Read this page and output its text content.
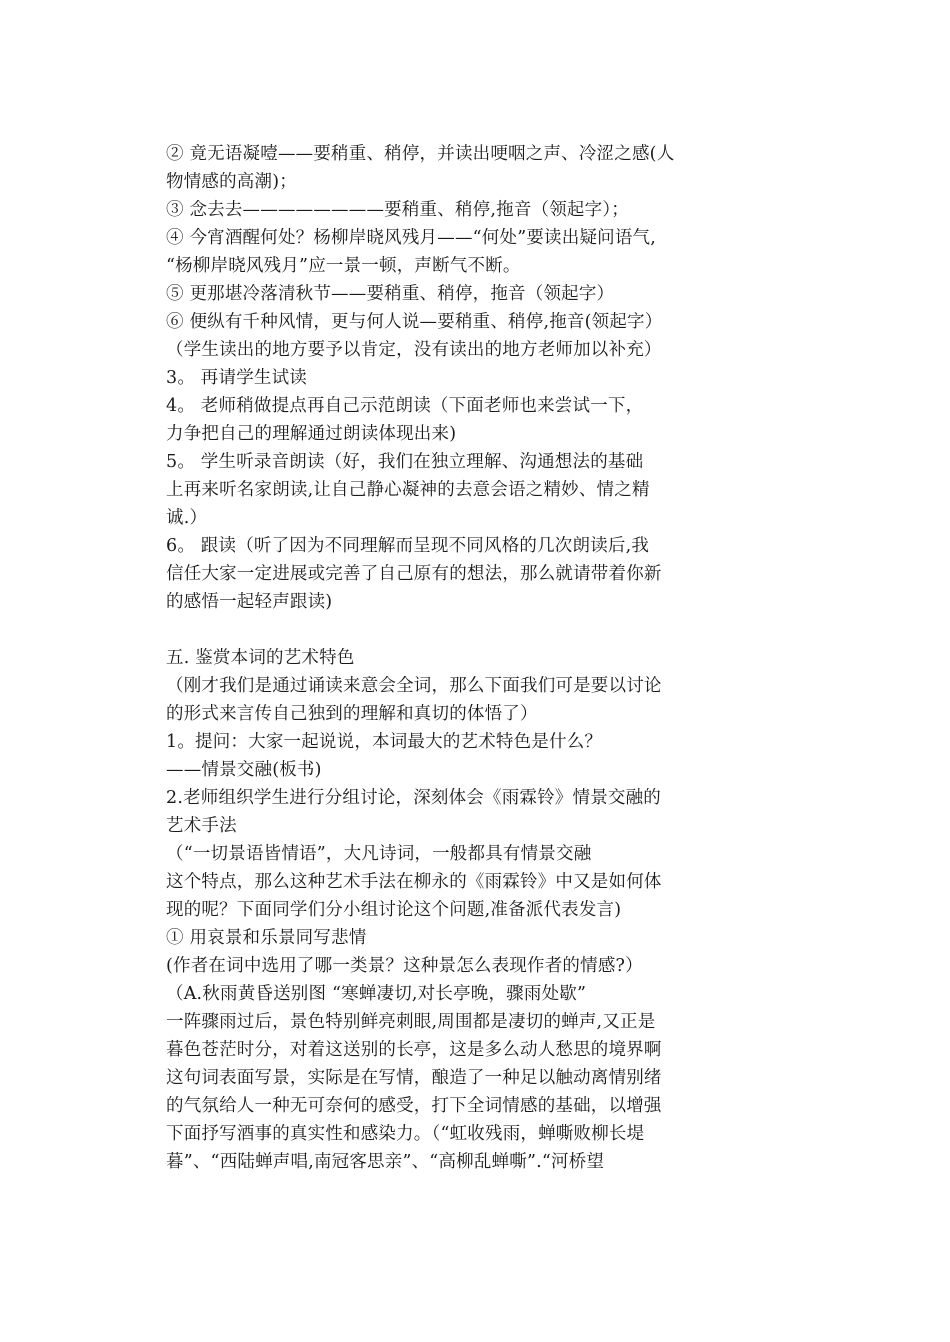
② 竟无语凝噎——要稍重、稍停，并读出哽咽之声、冷涩之感(人
物情感的高潮)；
③ 念去去————————要稍重、稍停,拖音（领起字）；
④ 今宵酒醒何处？杨柳岸晓风残月——“何处”要读出疑问语气,
“杨柳岸晓风残月”应一景一顿，声断气不断。
⑤ 更那堪冷落清秋节——要稍重、稍停，拖音（领起字）
⑥ 便纵有千种风情，更与何人说—要稍重、稍停,拖音(领起字）
（学生读出的地方要予以肯定，没有读出的地方老师加以补充）
3。 再请学生试读
4。 老师稍做提点再自己示范朗读（下面老师也来尝试一下，
力争把自己的理解通过朗读体现出来)
5。 学生听录音朗读（好，我们在独立理解、沟通想法的基础
上再来听名家朗读,让自己静心凝神的去意会语之精妙、情之精
诚.）
6。 跟读（听了因为不同理解而呈现不同风格的几次朗读后,我
信任大家一定进展或完善了自己原有的想法，那么就请带着你新
的感悟一起轻声跟读)
五. 鉴赏本词的艺术特色
（刚才我们是通过诵读来意会全词，那么下面我们可是要以讨论
的形式来言传自己独到的理解和真切的体悟了）
1。提问：大家一起说说，本词最大的艺术特色是什么？
——情景交融(板书)
2.老师组织学生进行分组讨论，深刻体会《雨霖铃》情景交融的
艺术手法
（“一切景语皆情语”，大凡诗词，一般都具有情景交融
这个特点，那么这种艺术手法在柳永的《雨霖铃》中又是如何体
现的呢？下面同学们分小组讨论这个问题,准备派代表发言)
① 用哀景和乐景同写悲情
(作者在词中选用了哪一类景？这种景怎么表现作者的情感?）
（A.秋雨黄昏送别图 “寒蝉凄切,对长亭晚，骤雨处歇”
一阵骤雨过后，景色特别鲜亮刺眼,周围都是凄切的蝉声,又正是
暮色苍茫时分，对着这送别的长亭，这是多么动人愁思的境界啊
这句词表面写景，实际是在写情，酿造了一种足以触动离情别绪
的气氛给人一种无可奈何的感受，打下全词情感的基础，以增强
下面抒写酒事的真实性和感染力。（“虹收残雨，蝉嘶败柳长堤
暮”、“西陆蝉声唱,南冠客思亲”、“高柳乱蝉嘶”.“河桥望
